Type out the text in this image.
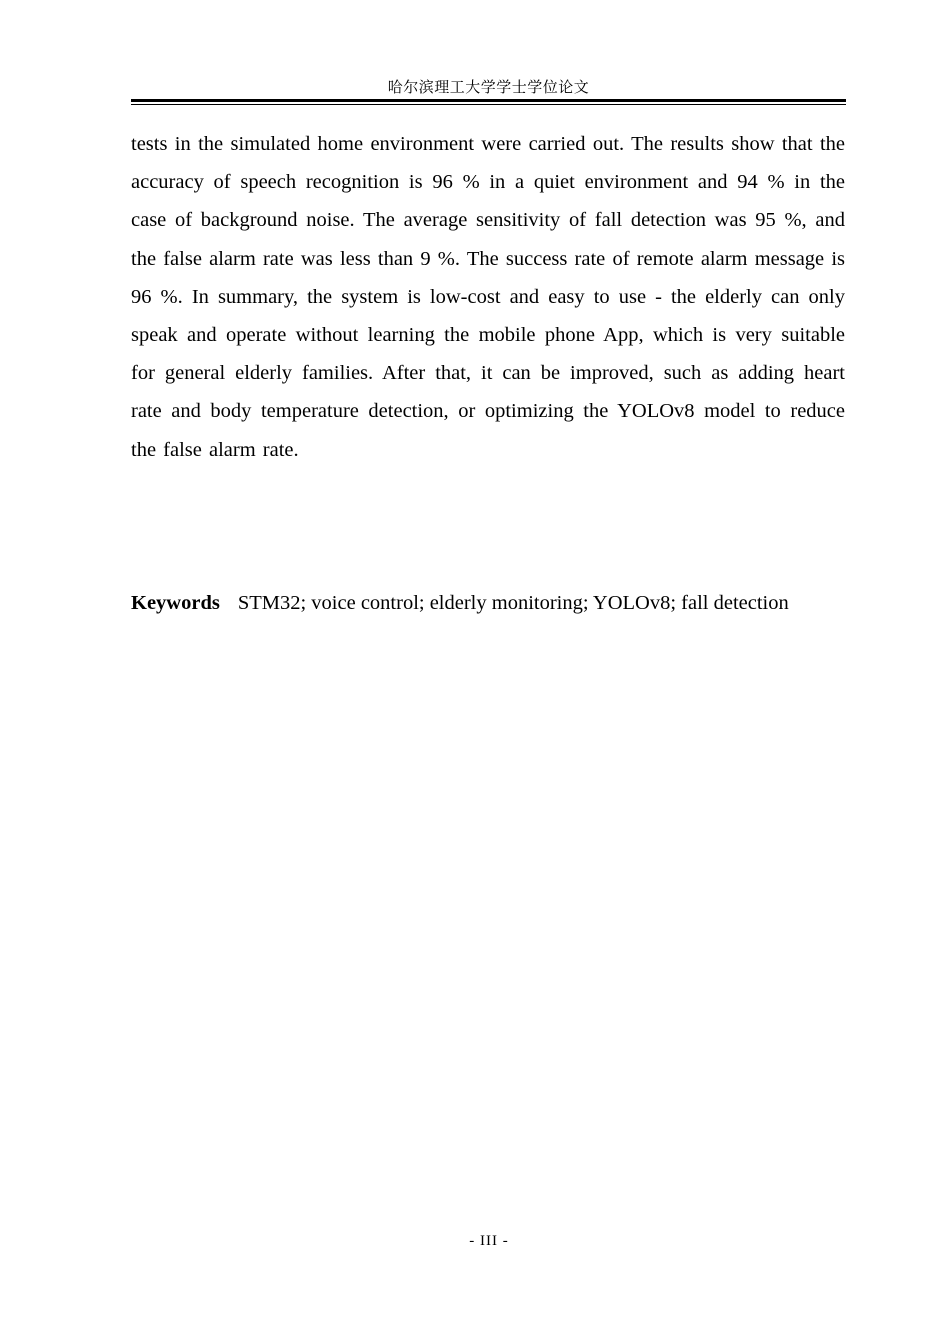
哈尔滨理工大学学士学位论文

tests in the simulated home environment were carried out. The results show that the accuracy of speech recognition is 96 % in a quiet environment and 94 % in the case of background noise. The average sensitivity of fall detection was 95 %, and the false alarm rate was less than 9 %. The success rate of remote alarm message is 96 %. In summary, the system is low-cost and easy to use - the elderly can only speak and operate without learning the mobile phone App, which is very suitable for general elderly families. After that, it can be improved, such as adding heart rate and body temperature detection, or optimizing the YOLOv8 model to reduce the false alarm rate.

Keywords STM32; voice control; elderly monitoring; YOLOv8; fall detection

- III -
